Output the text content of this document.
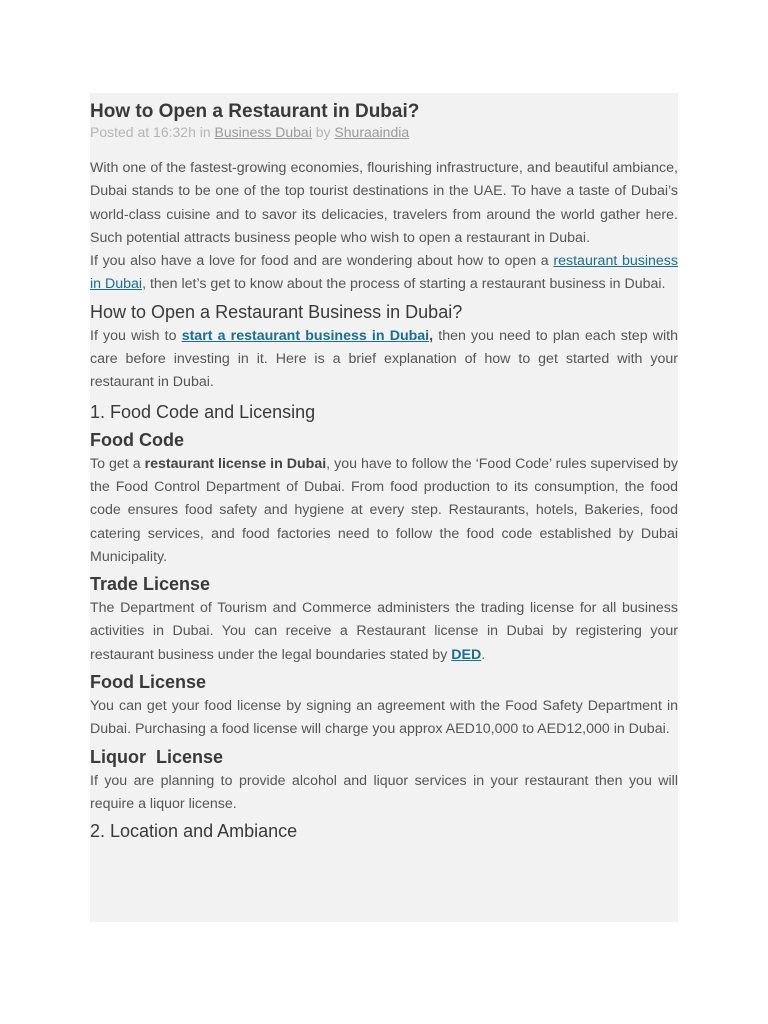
How to Open a Restaurant in Dubai?
Posted at 16:32h in Business Dubai by Shuraaindia

With one of the fastest-growing economies, flourishing infrastructure, and beautiful ambiance, Dubai stands to be one of the top tourist destinations in the UAE. To have a taste of Dubai’s world-class cuisine and to savor its delicacies, travelers from around the world gather here. Such potential attracts business people who wish to open a restaurant in Dubai.

If you also have a love for food and are wondering about how to open a restaurant business in Dubai, then let’s get to know about the process of starting a restaurant business in Dubai.

How to Open a Restaurant Business in Dubai?

If you wish to start a restaurant business in Dubai, then you need to plan each step with care before investing in it. Here is a brief explanation of how to get started with your restaurant in Dubai.

1. Food Code and Licensing
Food Code

To get a restaurant license in Dubai, you have to follow the ‘Food Code’ rules supervised by the Food Control Department of Dubai. From food production to its consumption, the food code ensures food safety and hygiene at every step. Restaurants, hotels, Bakeries, food catering services, and food factories need to follow the food code established by Dubai Municipality.

Trade License

The Department of Tourism and Commerce administers the trading license for all business activities in Dubai. You can receive a Restaurant license in Dubai by registering your restaurant business under the legal boundaries stated by DED.

Food License

You can get your food license by signing an agreement with the Food Safety Department in Dubai. Purchasing a food license will charge you approx AED10,000 to AED12,000 in Dubai.

Liquor  License

If you are planning to provide alcohol and liquor services in your restaurant then you will require a liquor license.

2. Location and Ambiance
